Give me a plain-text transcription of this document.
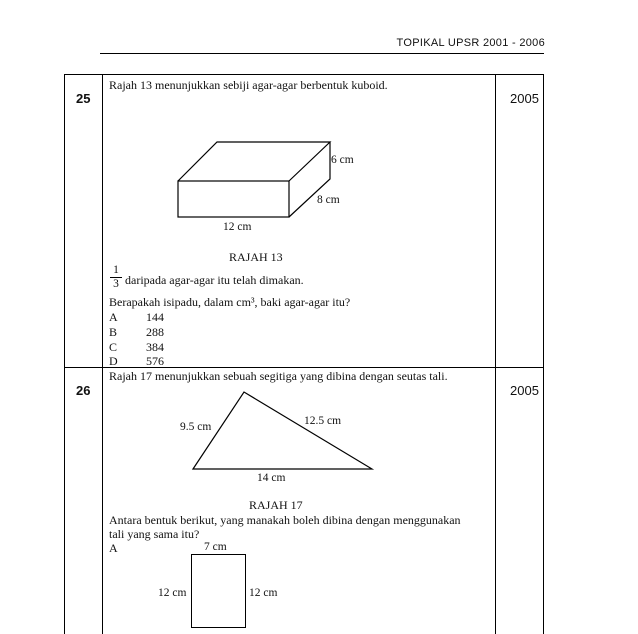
TOPIKAL UPSR 2001 - 2006
25	2005
Rajah 13 menunjukkan sebiji agar-agar berbentuk kuboid.
6 cm
8 cm
12 cm
RAJAH 13
$\frac{1}{3}$ daripada agar-agar itu telah dimakan.
Berapakah isipadu, dalam cm³, baki agar-agar itu?
A 144
B 288
C 384
D 576
26	2005
Rajah 17 menunjukkan sebuah segitiga yang dibina dengan seutas tali.
9.5 cm	12.5 cm
14 cm
RAJAH 17
Antara bentuk berikut, yang manakah boleh dibina dengan menggunakan
tali yang sama itu?
A	7 cm
12 cm	12 cm
